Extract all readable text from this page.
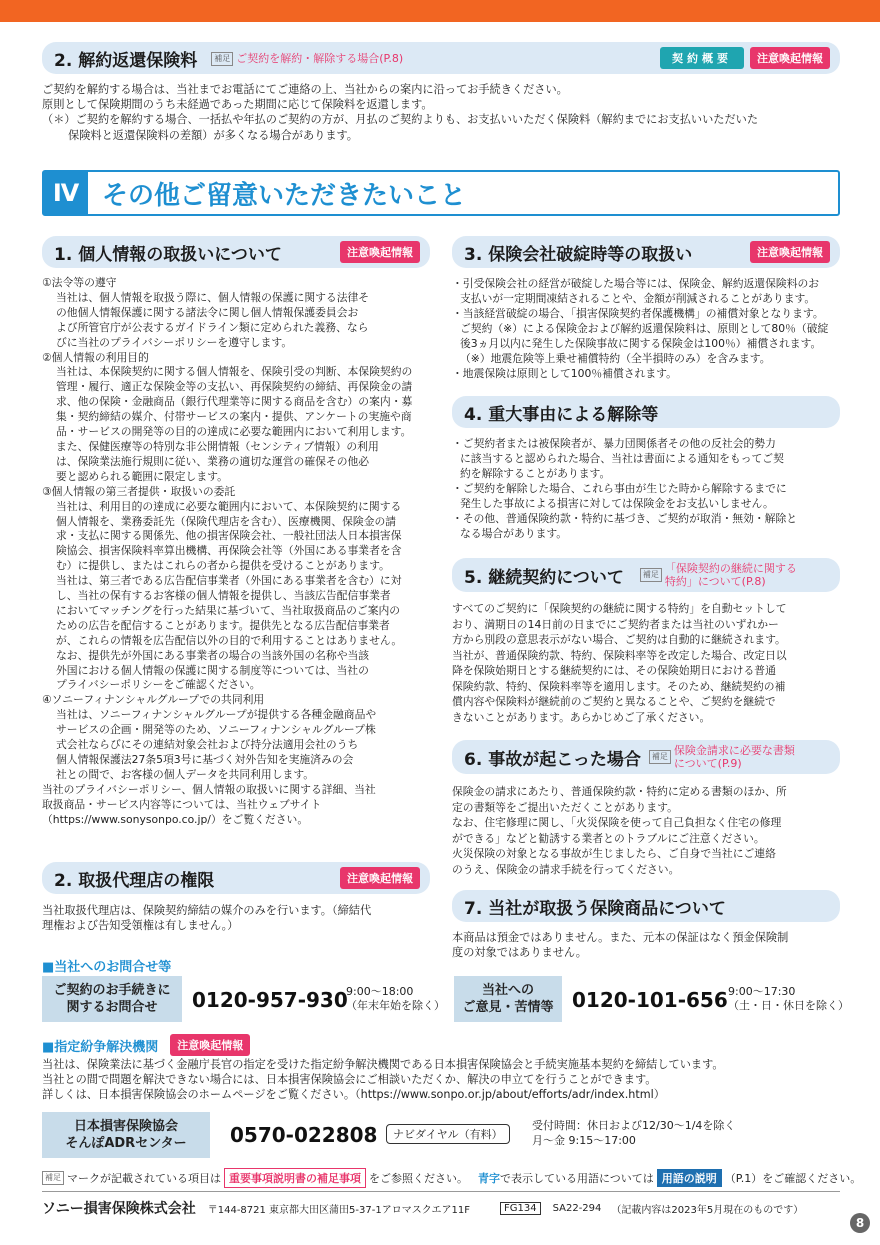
2. 解約返還保険料	補足 ご契約を解約・解除する場合(P.8)	契約概要	注意喚起情報

ご契約を解約する場合は、当社までお電話にてご連絡の上、当社からの案内に沿ってお手続きください。

原則として保険期間のうち未経過であった期間に応じて保険料を返還します。

（＊）ご契約を解約する場合、一括払や年払のご契約の方が、月払のご契約よりも、お支払いいただく保険料（解約までにお支払いいただいた

保険料と返還保険料の差額）が多くなる場合があります。

Ⅳ その他ご留意いただきたいこと
1. 個人情報の取扱いについて	注意喚起情報

①法令等の遵守

当社は、個人情報を取扱う際に、個人情報の保護に関する法律そ

の他個人情報保護に関する諸法令に関し個人情報保護委員会お

よび所管官庁が公表するガイドライン類に定められた義務、なら

びに当社のプライバシーポリシーを遵守します。

②個人情報の利用目的

当社は、本保険契約に関する個人情報を、保険引受の判断、本保険契約の

管理・履行、適正な保険金等の支払い、再保険契約の締結、再保険金の請

求、他の保険・金融商品（銀行代理業等に関する商品を含む）の案内・募

集・契約締結の媒介、付帯サービスの案内・提供、アンケートの実施や商

品・サービスの開発等の目的の達成に必要な範囲内において利用します。

また、保健医療等の特別な非公開情報（センシティブ情報）の利用

は、保険業法施行規則に従い、業務の適切な運営の確保その他必

要と認められる範囲に限定します。

③個人情報の第三者提供・取扱いの委託

当社は、利用目的の達成に必要な範囲内において、本保険契約に関する

個人情報を、業務委託先（保険代理店を含む）、医療機関、保険金の請

求・支払に関する関係先、他の損害保険会社、一般社団法人日本損害保

険協会、損害保険料率算出機構、再保険会社等（外国にある事業者を含

む）に提供し、またはこれらの者から提供を受けることがあります。

当社は、第三者である広告配信事業者（外国にある事業者を含む）に対

し、当社の保有するお客様の個人情報を提供し、当該広告配信事業者

においてマッチングを行った結果に基づいて、当社取扱商品のご案内の

ための広告を配信することがあります。提供先となる広告配信事業者

が、これらの情報を広告配信以外の目的で利用することはありません。

なお、提供先が外国にある事業者の場合の当該外国の名称や当該

外国における個人情報の保護に関する制度等については、当社の

プライバシーポリシーをご確認ください。

④ソニーフィナンシャルグループでの共同利用

当社は、ソニーフィナンシャルグループが提供する各種金融商品や

サービスの企画・開発等のため、ソニーフィナンシャルグループ株

式会社ならびにその連結対象会社および持分法適用会社のうち

個人情報保護法27条5項3号に基づく対外告知を実施済みの会

社との間で、お客様の個人データを共同利用します。

当社のプライバシーポリシー、個人情報の取扱いに関する詳細、当社

取扱商品・サービス内容等については、当社ウェブサイト

（https://www.sonysonpo.co.jp/）をご覧ください。

2. 取扱代理店の権限	注意喚起情報

当社取扱代理店は、保険契約締結の媒介のみを行います。（締結代

理権および告知受領権は有しません。）

3. 保険会社破綻時等の取扱い	注意喚起情報

・引受保険会社の経営が破綻した場合等には、保険金、解約返還保険料のお

支払いが一定期間凍結されることや、金額が削減されることがあります。

・当該経営破綻の場合、「損害保険契約者保護機構」の補償対象となります。

ご契約（※）による保険金および解約返還保険料は、原則として80％（破綻

後3ヵ月以内に発生した保険事故に関する保険金は100％）補償されます。

（※）地震危険等上乗せ補償特約（全半損時のみ）を含みます。

・地震保険は原則として100％補償されます。

4. 重大事由による解除等

・ご契約者または被保険者が、暴力団関係者その他の反社会的勢力

に該当すると認められた場合、当社は書面による通知をもってご契

約を解除することがあります。

・ご契約を解除した場合、これら事由が生じた時から解除するまでに

発生した事故による損害に対しては保険金をお支払いしません。

・その他、普通保険約款・特約に基づき、ご契約が取消・無効・解除と

なる場合があります。

5. 継続契約について	補足 「保険契約の継続に関する
特約」について(P.8)

すべてのご契約に「保険契約の継続に関する特約」を自動セットして

おり、満期日の14日前の日までにご契約者または当社のいずれかー

方から別段の意思表示がない場合、ご契約は自動的に継続されます。

当社が、普通保険約款、特約、保険料率等を改定した場合、改定日以

降を保険始期日とする継続契約には、その保険始期日における普通

保険約款、特約、保険料率等を適用します。そのため、継続契約の補

償内容や保険料が継続前のご契約と異なることや、ご契約を継続で

きないことがあります。あらかじめご了承ください。

6. 事故が起こった場合	補足 保険金請求に必要な書類
について(P.9)

保険金の請求にあたり、普通保険約款・特約に定める書類のほか、所

定の書類等をご提出いただくことがあります。

なお、住宅修理に関し、「火災保険を使って自己負担なく住宅の修理

ができる」などと勧誘する業者とのトラブルにご注意ください。

火災保険の対象となる事故が生じましたら、ご自身で当社にご連絡

のうえ、保険金の請求手続を行ってください。

7. 当社が取扱う保険商品について

本商品は預金ではありません。また、元本の保証はなく預金保険制

度の対象ではありません。

■当社へのお問合せ等
ご契約のお手続きに
関するお問合せ	0120-957-930
9:00～18:00
（年末年始を除く）
当社への
ご意見・苦情等 0120-101-656 9:00～17:30
（土・日・休日を除く）
■指定紛争解決機関	注意喚起情報

当社は、保険業法に基づく金融庁長官の指定を受けた指定紛争解決機関である日本損害保険協会と手続実施基本契約を締結しています。

当社との間で問題を解決できない場合には、日本損害保険協会にご相談いただくか、解決の申立てを行うことができます。

詳しくは、日本損害保険協会のホームページをご覧ください。（https://www.sonpo.or.jp/about/efforts/adr/index.html）

日本損害保険協会
そんぽADRセンター 0570-022808	ナビダイヤル（有料）
受付時間：休日および12/30～1/4を除く
月～金 9:15～17:00
補足 マークが記載されている項目は 重要事項説明書の補足事項 をご参照ください。 青字 で表示している用語については 用語の説明 （P.1）をご確認ください。
ソニー損害保険株式会社 〒144-8721 東京都大田区蒲田5-37-1アロマスクエア11F	FG134	SA22-294 （記載内容は2023年5月現在のものです）
8
